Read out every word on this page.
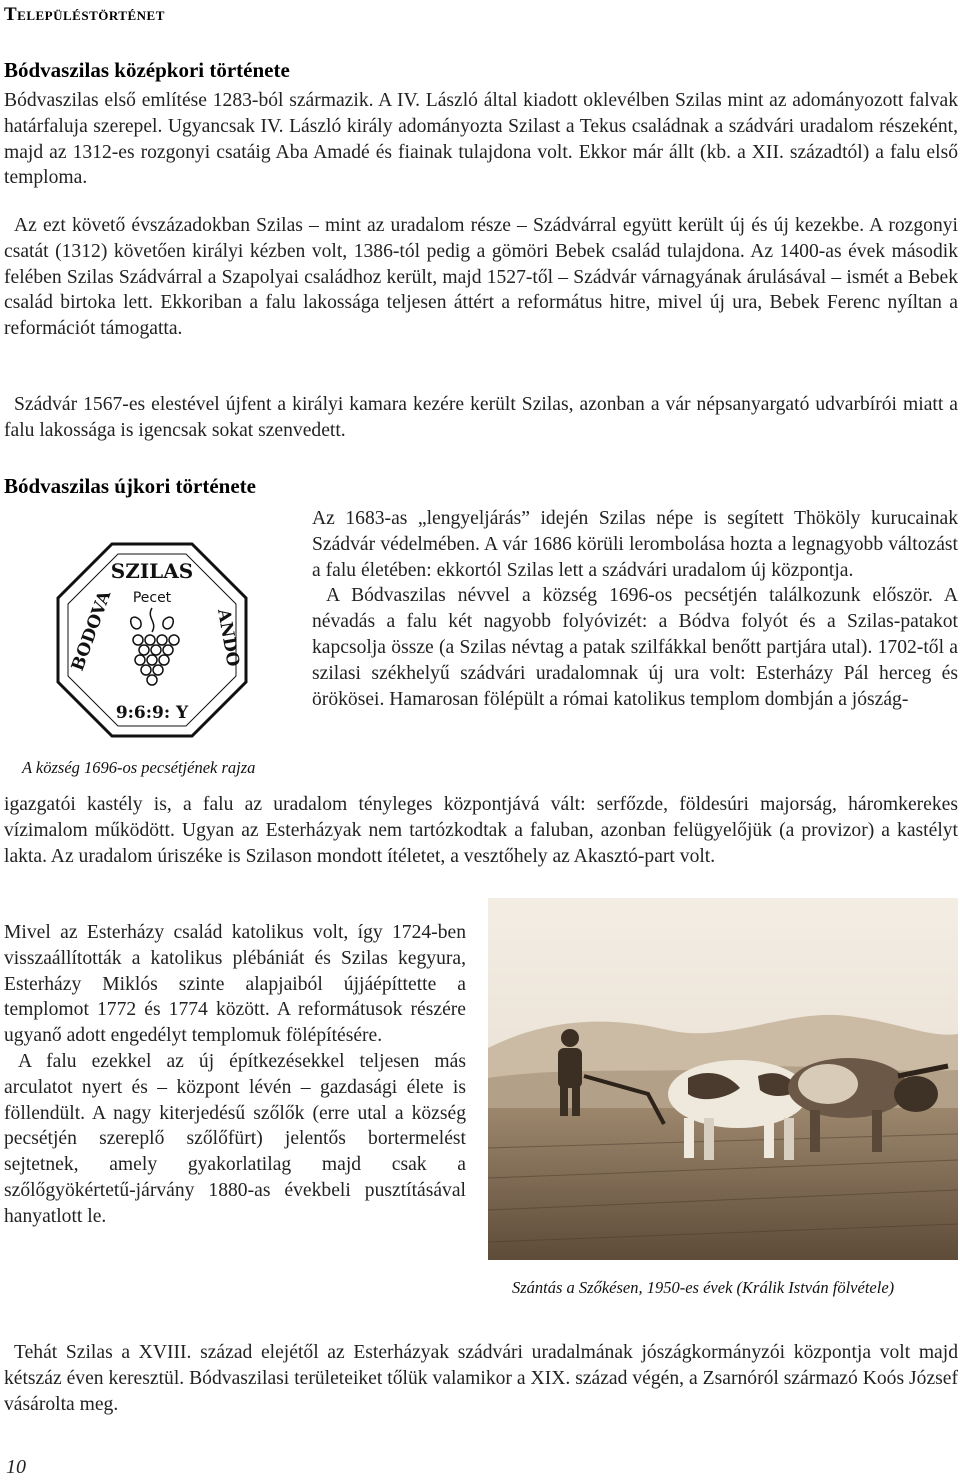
Településtörténet
Bódvaszilas középkori története

Bódvaszilas első említése 1283-ból származik. A IV. László által kiadott oklevélben Szilas mint az adományozott falvak határfaluja szerepel. Ugyancsak IV. László király adományozta Szilast a Tekus családnak a szádvári uradalom részeként, majd az 1312-es rozgonyi csatáig Aba Amadé és fiainak tulajdona volt. Ekkor már állt (kb. a XII. századtól) a falu első temploma.

Az ezt követő évszázadokban Szilas – mint az uradalom része – Szádvárral együtt került új és új kezekbe. A rozgonyi csatát (1312) követően királyi kézben volt, 1386-tól pedig a gömöri Bebek család tulajdona. Az 1400-as évek második felében Szilas Szádvárral a Szapolyai családhoz került, majd 1527-től – Szádvár várnagyának árulásával – ismét a Bebek család birtoka lett. Ekkoriban a falu lakossága teljesen áttért a református hitre, mivel új ura, Bebek Ferenc nyíltan a reformációt támogatta.

Szádvár 1567-es elestével újfent a királyi kamara kezére került Szilas, azonban a vár népsanyargató udvarbírói miatt a falu lakossága is igencsak sokat szenvedett.

Bódvaszilas újkori története
SZILAS
Pecet
BODOVA	ANDO
9:6:9: Y
A község 1696-os pecsétjének rajza

Az 1683-as „lengyeljárás” idején Szilas népe is segített Thököly kurucainak Szádvár védelmében. A vár 1686 körüli lerombolása hozta a legnagyobb változást a falu életében: ekkortól Szilas lett a szádvári uradalom új központja.

A Bódvaszilas névvel a község 1696-os pecsétjén találkozunk először. A névadás a falu két nagyobb folyóvizét: a Bódva folyót és a Szilas-patakot kapcsolja össze (a Szilas névtag a patak szilfákkal benőtt partjára utal). 1702-től a szilasi székhelyű szádvári uradalomnak új ura volt: Esterházy Pál herceg és örökösei. Hamarosan fölépült a római katolikus templom dombján a jószág-

igazgatói kastély is, a falu az uradalom tényleges központjává vált: serfőzde, földesúri majorság, háromkerekes vízimalom működött. Ugyan az Esterházyak nem tartózkodtak a faluban, azonban felügyelőjük (a provizor) a kastélyt lakta. Az uradalom úriszéke is Szilason mondott ítéletet, a vesztőhely az Akasztó-part volt.

Mivel az Esterházy család katolikus volt, így 1724-ben visszaállították a katolikus plébániát és Szilas kegyura, Esterházy Miklós szinte alapjaiból újjáépíttette a templomot 1772 és 1774 között. A reformátusok részére ugyanő adott engedélyt templomuk fölépítésére.

A falu ezekkel az új építkezésekkel teljesen más arculatot nyert és – központ lévén – gazdasági élete is föllendült. A nagy kiterjedésű szőlők (erre utal a község pecsétjén szereplő szőlőfürt) jelentős bortermelést sejtetnek, amely gyakorlatilag majd csak a szőlőgyökértetű-járvány 1880-as évekbeli pusztításával hanyatlott le.

Szántás a Szőkésen, 1950-es évek (Králik István fölvétele)

Tehát Szilas a XVIII. század elejétől az Esterházyak szádvári uradalmának jószágkormányzói központja volt majd kétszáz éven keresztül. Bódvaszilasi területeiket tőlük valamikor a XIX. század végén, a Zsarnóról származó Koós József vásárolta meg.

10
